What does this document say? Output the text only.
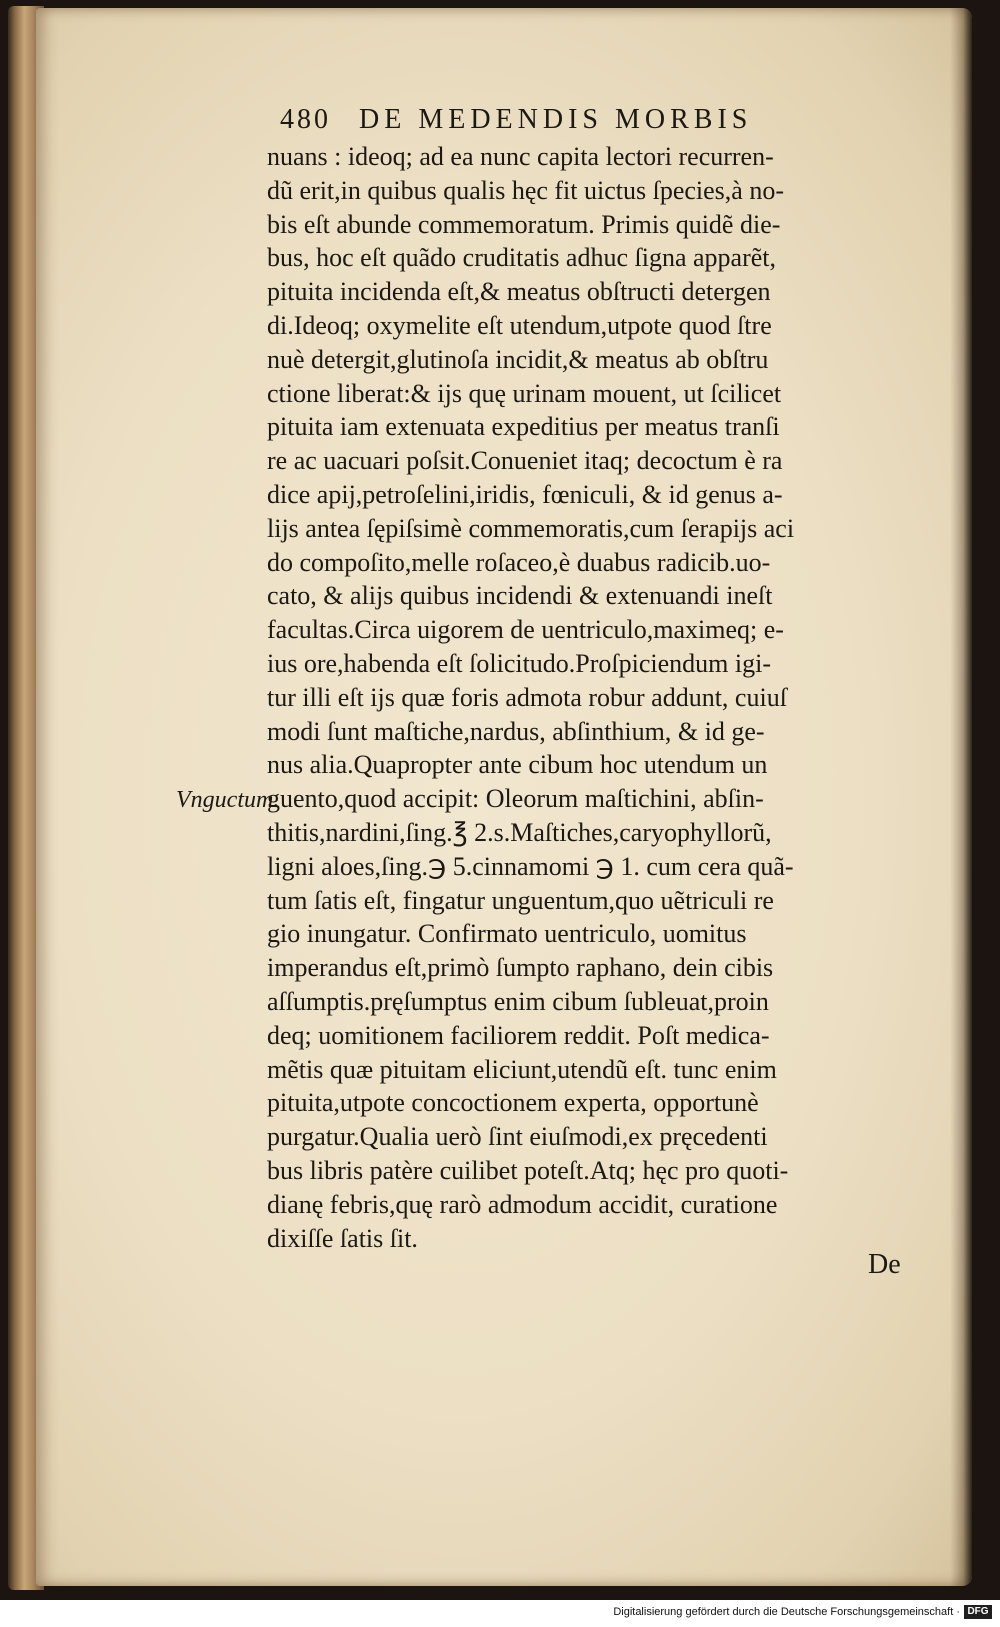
480 DE MEDENDIS MORBIS
nuans : ideoq; ad ea nunc capita lectori recurren-
dũ erit,in quibus qualis hęc fit uictus ſpecies,à no-
bis eſt abunde commemoratum. Primis quidẽ die-
bus, hoc eſt quãdo cruditatis adhuc ſigna apparẽt,
pituita incidenda eſt,& meatus obſtructi detergen
di.Ideoq; oxymelite eſt utendum,utpote quod ſtre
nuè detergit,glutinoſa incidit,& meatus ab obſtru
ctione liberat:& ijs quę urinam mouent, ut ſcilicet
pituita iam extenuata expeditius per meatus tranſi
re ac uacuari poſsit.Conueniet itaq; decoctum è ra
dice apij,petroſelini,iridis, fœniculi, & id genus a-
lijs antea ſępiſsimè commemoratis,cum ſerapijs aci
do compoſito,melle roſaceo,è duabus radicib.uo-
cato, & alijs quibus incidendi & extenuandi ineſt
facultas.Circa uigorem de uentriculo,maximeq; e-
ius ore,habenda eſt ſolicitudo.Proſpiciendum igi-
tur illi eſt ijs quæ foris admota robur addunt, cuiuſ
modi ſunt maſtiche,nardus, abſinthium, & id ge-
nus alia.Quapropter ante cibum hoc utendum un
guento,quod accipit: Oleorum maſtichini, abſin-
thitis,nardini,ſing.℥ 2.s.Maſtiches,caryophyllorũ,
ligni aloes,ſing.℈ 5.cinnamomi ℈ 1. cum cera quã-
tum ſatis eſt, fingatur unguentum,quo uẽtriculi re
gio inungatur. Confirmato uentriculo, uomitus
imperandus eſt,primò ſumpto raphano, dein cibis
aſſumptis.pręſumptus enim cibum ſubleuat,proin
deq; uomitionem faciliorem reddit. Poſt medica-
mẽtis quæ pituitam eliciunt,utendũ eſt. tunc enim
pituita,utpote concoctionem experta, opportunè
purgatur.Qualia uerò ſint eiuſmodi,ex pręcedenti
bus libris patère cuilibet poteſt.Atq; hęc pro quoti-
dianę febris,quę rarò admodum accidit, curatione
dixiſſe ſatis ſit.
Vnguctum.
De
Digitalisierung gefördert durch die Deutsche Forschungsgemeinschaft · DFG
